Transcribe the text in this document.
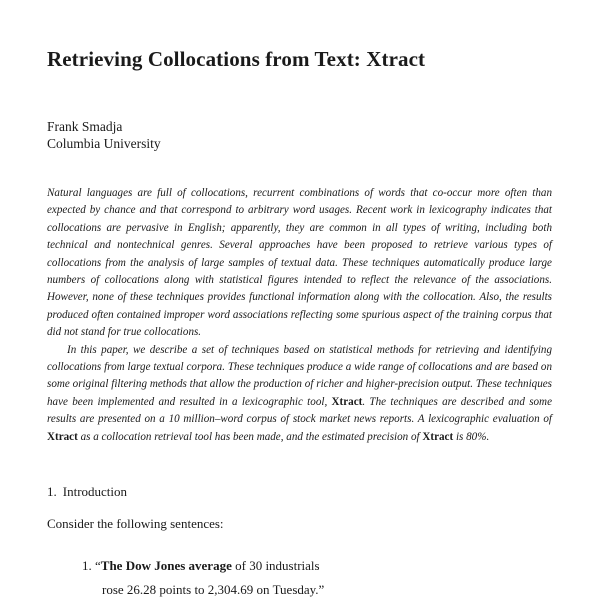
Retrieving Collocations from Text: Xtract
Frank Smadja
Columbia University

Natural languages are full of collocations, recurrent combinations of words that co-occur more often than expected by chance and that correspond to arbitrary word usages. Recent work in lexicography indicates that collocations are pervasive in English; apparently, they are common in all types of writing, including both technical and nontechnical genres. Several approaches have been proposed to retrieve various types of collocations from the analysis of large samples of textual data. These techniques automatically produce large numbers of collocations along with statistical figures intended to reflect the relevance of the associations. However, none of these techniques provides functional information along with the collocation. Also, the results produced often contained improper word associations reflecting some spurious aspect of the training corpus that did not stand for true collocations.

In this paper, we describe a set of techniques based on statistical methods for retrieving and identifying collocations from large textual corpora. These techniques produce a wide range of collocations and are based on some original filtering methods that allow the production of richer and higher-precision output. These techniques have been implemented and resulted in a lexicographic tool, Xtract. The techniques are described and some results are presented on a 10 million–word corpus of stock market news reports. A lexicographic evaluation of Xtract as a collocation retrieval tool has been made, and the estimated precision of Xtract is 80%.

1. Introduction
Consider the following sentences:
1. “The Dow Jones average of 30 industrials
rose 26.28 points to 2,304.69 on Tuesday.”
